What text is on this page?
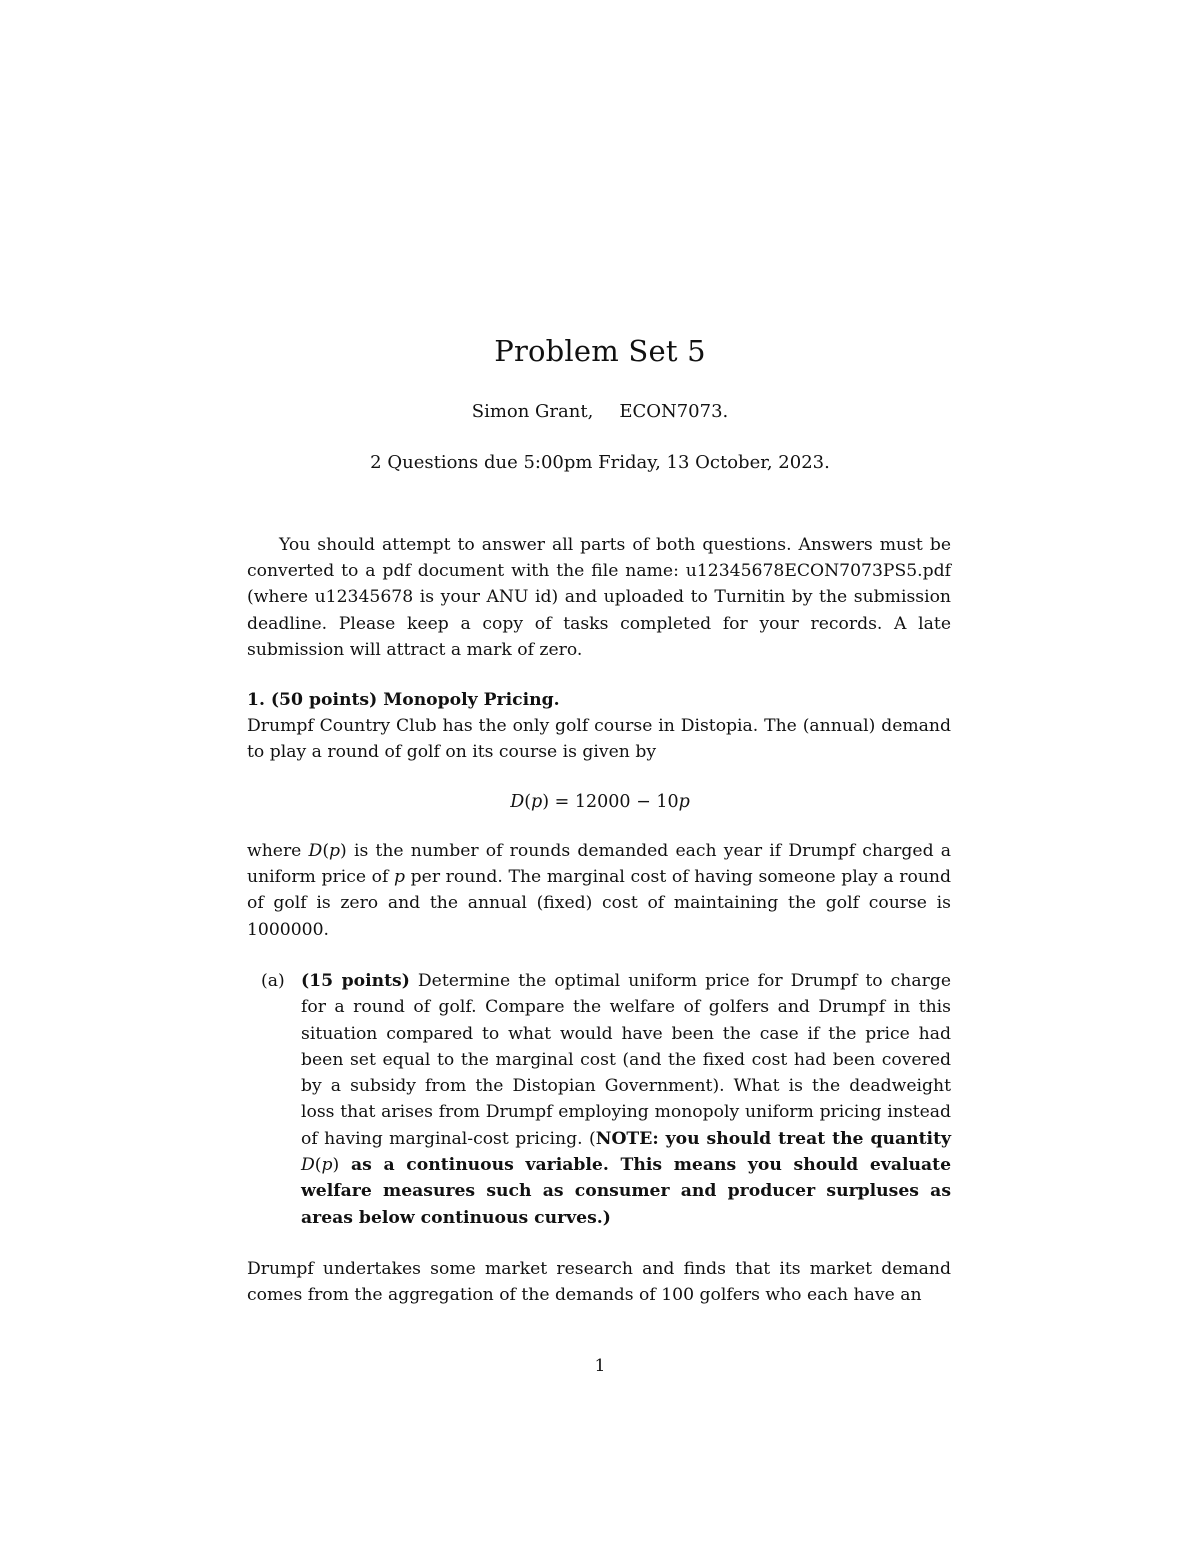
Problem Set 5
Simon Grant, ECON7073.
2 Questions due 5:00pm Friday, 13 October, 2023.
You should attempt to answer all parts of both questions. Answers must be converted to a pdf document with the file name: u12345678ECON7073PS5.pdf (where u12345678 is your ANU id) and uploaded to Turnitin by the submission deadline. Please keep a copy of tasks completed for your records. A late submission will attract a mark of zero.
1. (50 points) Monopoly Pricing.
Drumpf Country Club has the only golf course in Distopia. The (annual) demand to play a round of golf on its course is given by
D(p) = 12000 − 10p
where D(p) is the number of rounds demanded each year if Drumpf charged a uniform price of p per round. The marginal cost of having someone play a round of golf is zero and the annual (fixed) cost of maintaining the golf course is 1000000.
(a) (15 points) Determine the optimal uniform price for Drumpf to charge for a round of golf. Compare the welfare of golfers and Drumpf in this situation compared to what would have been the case if the price had been set equal to the marginal cost (and the fixed cost had been covered by a subsidy from the Distopian Government). What is the deadweight loss that arises from Drumpf employing monopoly uniform pricing instead of having marginal-cost pricing. (NOTE: you should treat the quantity D(p) as a continuous variable. This means you should evaluate welfare measures such as consumer and producer surpluses as areas below continuous curves.)
Drumpf undertakes some market research and finds that its market demand comes from the aggregation of the demands of 100 golfers who each have an
1
